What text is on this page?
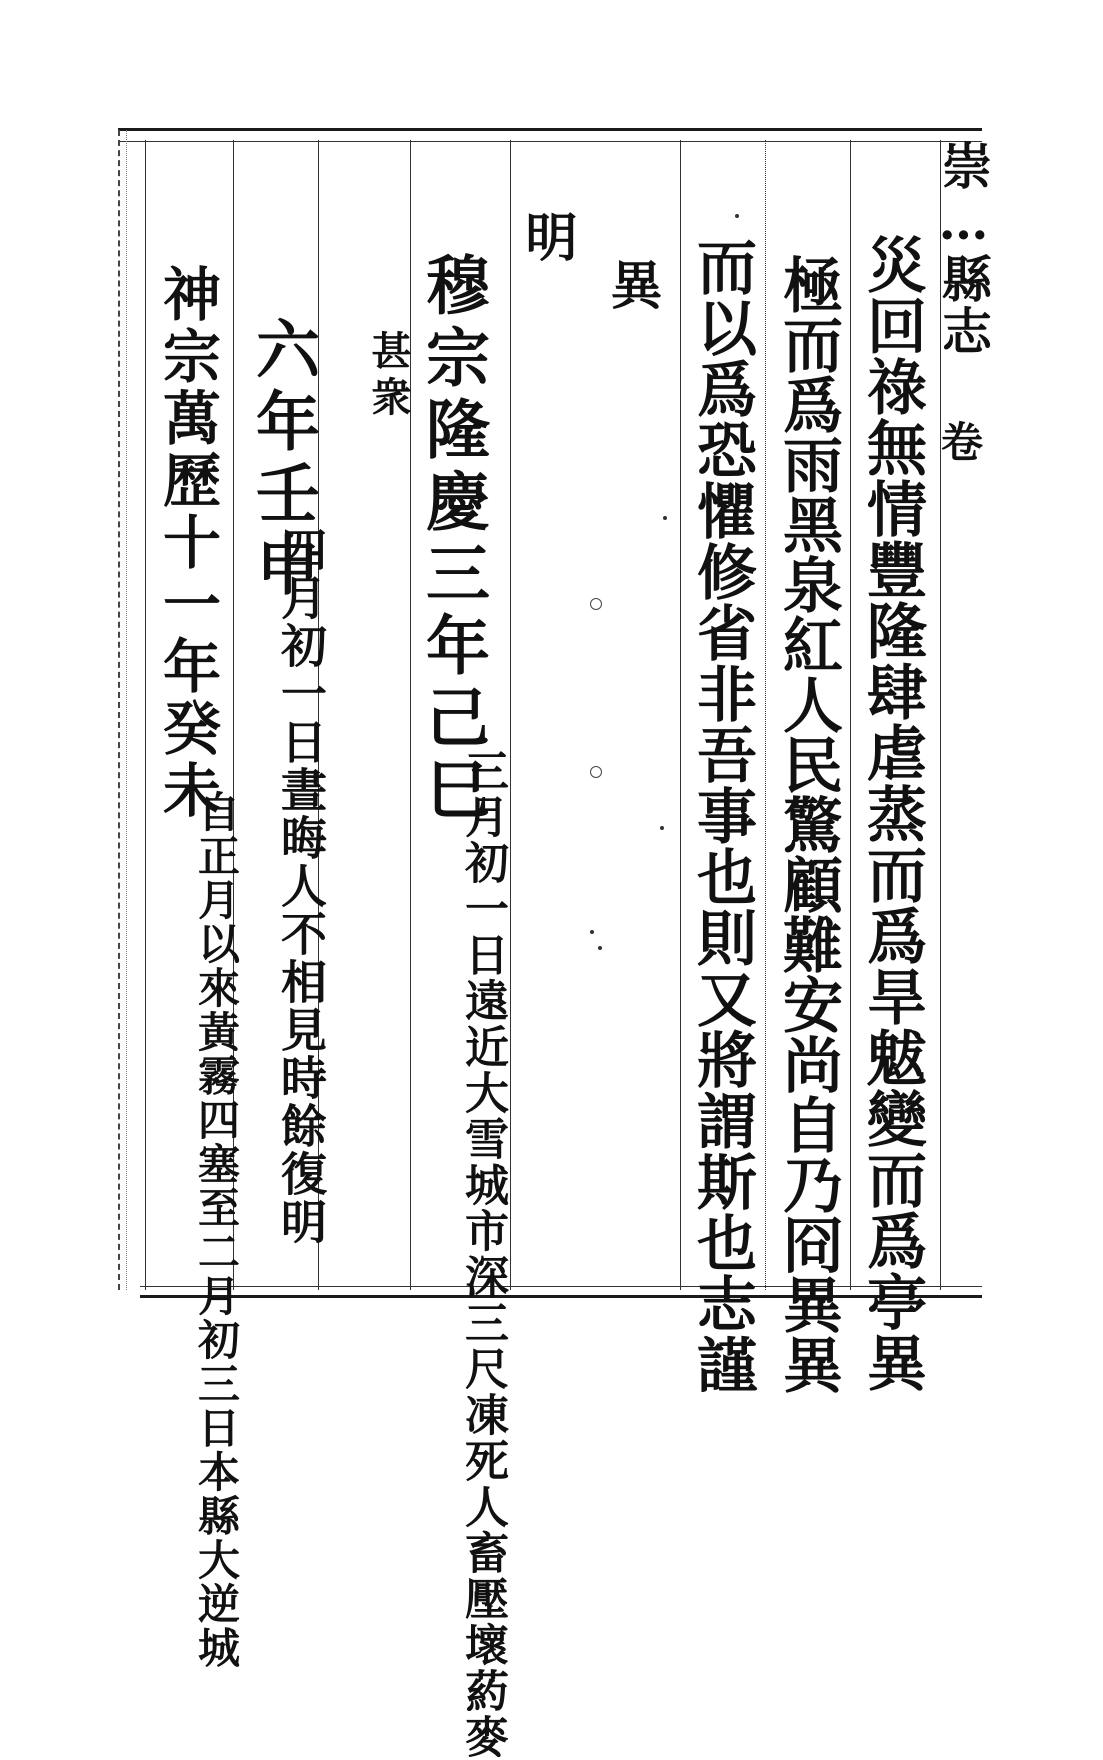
崇…縣志
卷
災回祿無情豐隆肆虐蒸而爲旱魃變而爲亭異
極而爲雨黑泉紅人民驚顧難安尚自乃冏異異
而以爲恐懼修省非吾事也則又將謂斯也志謹
異
明
穆宗隆慶三年己巳
三月初一日遠近大雪城市深三尺凍死人畜壓壞葯麥
甚衆
六年壬申
四月初一日晝晦人不相見時餘復明
神宗萬歷十一年癸未
自正月以來黃霧四塞至二月初三日本縣大逆城
